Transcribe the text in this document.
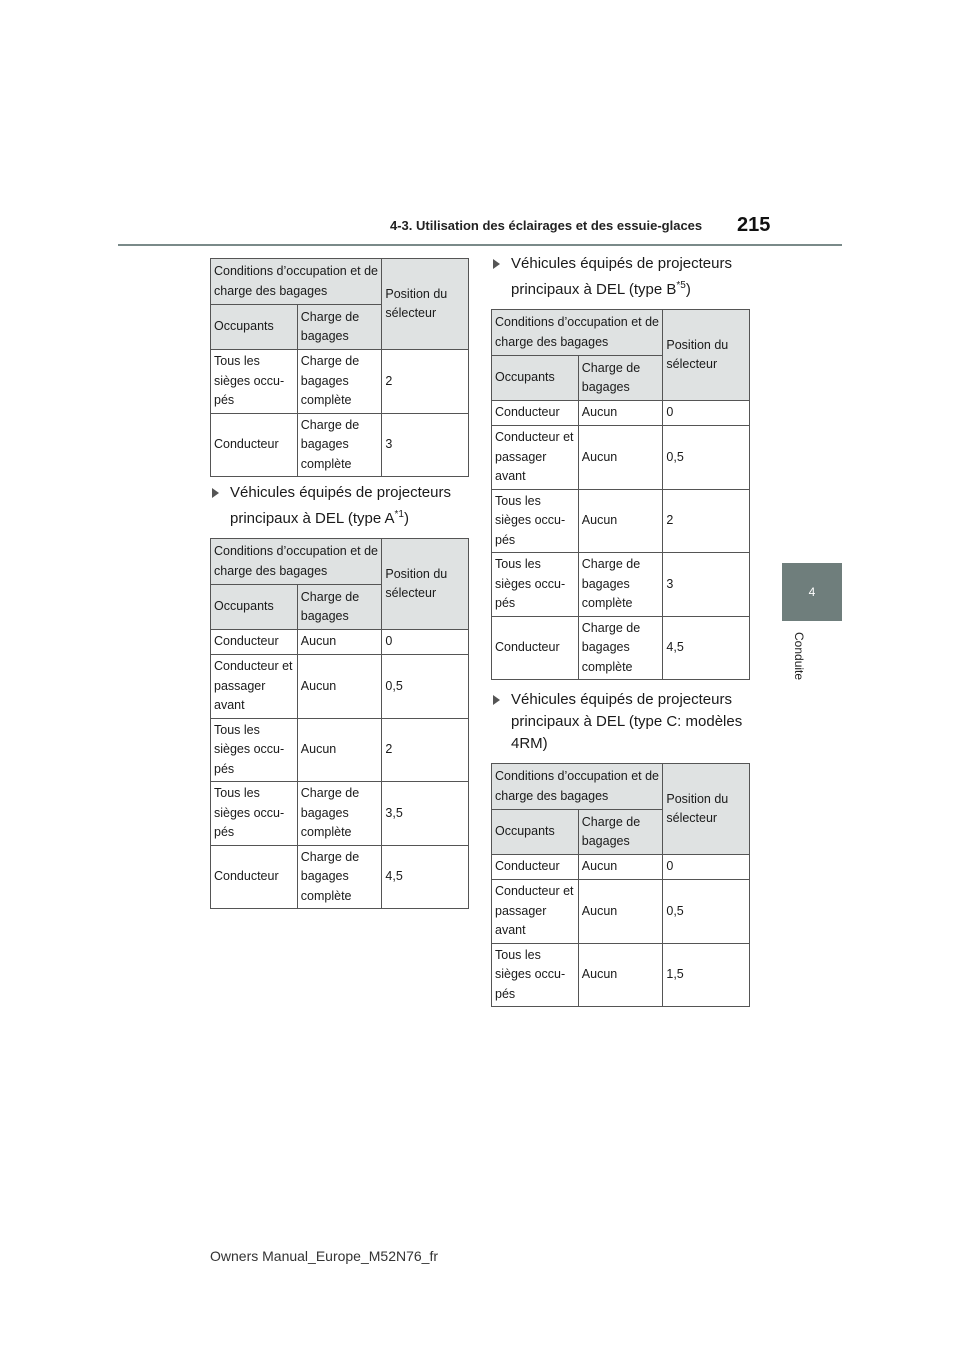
4-3. Utilisation des éclairages et des essuie-glaces 215
4
Conduite
Conditions d’occupation et de charge des bagages		Position du sélecteur
Occupants	Charge de bagages	
Tous les sièges occu-pés	Charge de bagages complète	2
Conducteur	Charge de bagages complète	3
Véhicules équipés de projecteurs principaux à DEL (type $A^{*1}$)
Conditions d’occupation et de charge des bagages		Position du sélecteur
Occupants	Charge de bagages	
Conducteur	Aucun	0
Conducteur et passager avant	Aucun	0,5
Tous les sièges occu-pés	Aucun	2
Tous les sièges occu-pés	Charge de bagages complète	3,5
Conducteur	Charge de bagages complète	4,5
Véhicules équipés de projecteurs principaux à DEL (type $B^{*5}$)
Conditions d’occupation et de charge des bagages		Position du sélecteur
Occupants	Charge de bagages	
Conducteur	Aucun	0
Conducteur et passager avant	Aucun	0,5
Tous les sièges occu-pés	Aucun	2
Tous les sièges occu-pés	Charge de bagages complète	3
Conducteur	Charge de bagages complète	4,5
Véhicules équipés de projecteurs principaux à DEL (type C: modèles 4RM)
Conditions d’occupation et de charge des bagages		Position du sélecteur
Occupants	Charge de bagages	
Conducteur	Aucun	0
Conducteur et passager avant	Aucun	0,5
Tous les sièges occu-pés	Aucun	1,5
Owners Manual_Europe_M52N76_fr
